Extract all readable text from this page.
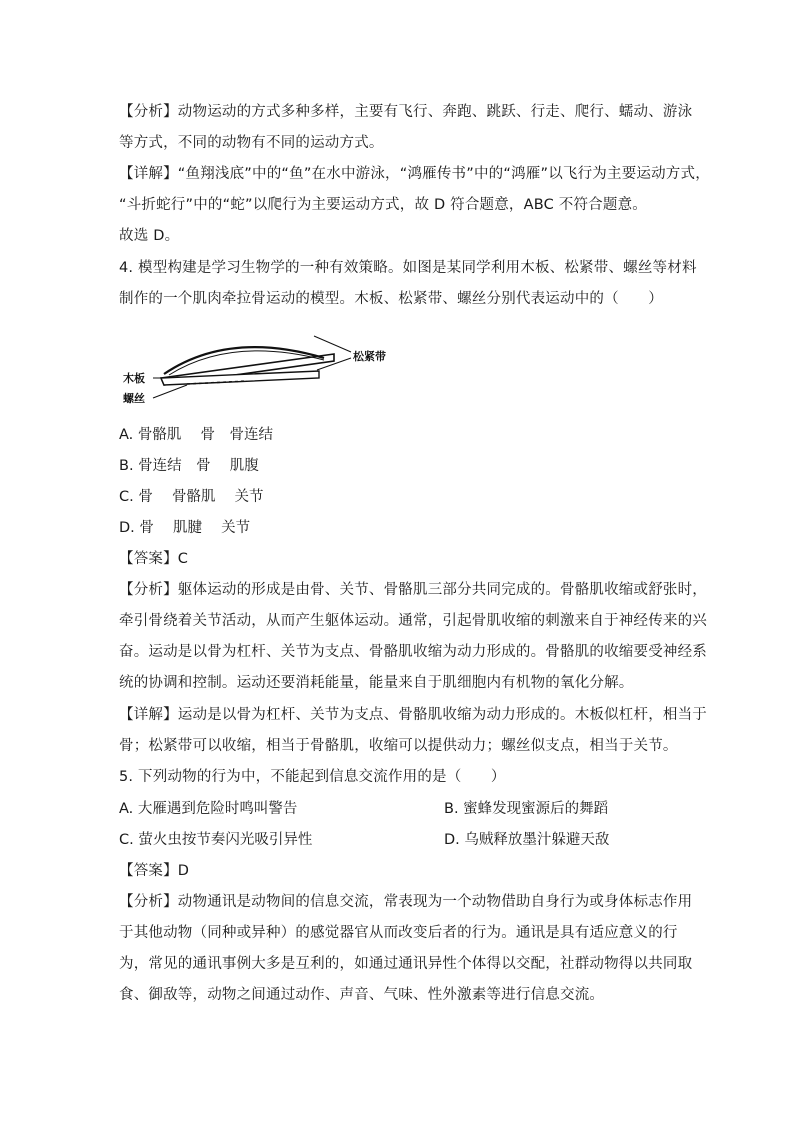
【分析】动物运动的方式多种多样，主要有飞行、奔跑、跳跃、行走、爬行、蠕动、游泳
等方式，不同的动物有不同的运动方式。
【详解】“鱼翔浅底”中的“鱼”在水中游泳，“鸿雁传书”中的“鸿雁”以飞行为主要运动方式，
“斗折蛇行”中的“蛇”以爬行为主要运动方式，故 D 符合题意，ABC 不符合题意。
故选 D。
4. 模型构建是学习生物学的一种有效策略。如图是某同学利用木板、松紧带、螺丝等材料
制作的一个肌肉牵拉骨运动的模型。木板、松紧带、螺丝分别代表运动中的（　　）
木板
螺丝
松紧带
A. 骨骼肌　 骨　骨连结
B. 骨连结　骨　 肌腹
C. 骨　 骨骼肌　 关节
D. 骨　 肌腱　 关节
【答案】C
【分析】躯体运动的形成是由骨、关节、骨骼肌三部分共同完成的。骨骼肌收缩或舒张时，
牵引骨绕着关节活动，从而产生躯体运动。通常，引起骨肌收缩的刺激来自于神经传来的兴
奋。运动是以骨为杠杆、关节为支点、骨骼肌收缩为动力形成的。骨骼肌的收缩要受神经系
统的协调和控制。运动还要消耗能量，能量来自于肌细胞内有机物的氧化分解。
【详解】运动是以骨为杠杆、关节为支点、骨骼肌收缩为动力形成的。木板似杠杆，相当于
骨；松紧带可以收缩，相当于骨骼肌，收缩可以提供动力；螺丝似支点，相当于关节。
5. 下列动物的行为中，不能起到信息交流作用的是（　　）
A. 大雁遇到危险时鸣叫警告	B. 蜜蜂发现蜜源后的舞蹈
C. 萤火虫按节奏闪光吸引异性	D. 乌贼释放墨汁躲避天敌
【答案】D
【分析】动物通讯是动物间的信息交流，常表现为一个动物借助自身行为或身体标志作用
于其他动物（同种或异种）的感觉器官从而改变后者的行为。通讯是具有适应意义的行
为，常见的通讯事例大多是互利的，如通过通讯异性个体得以交配，社群动物得以共同取
食、御敌等，动物之间通过动作、声音、气味、性外激素等进行信息交流。
